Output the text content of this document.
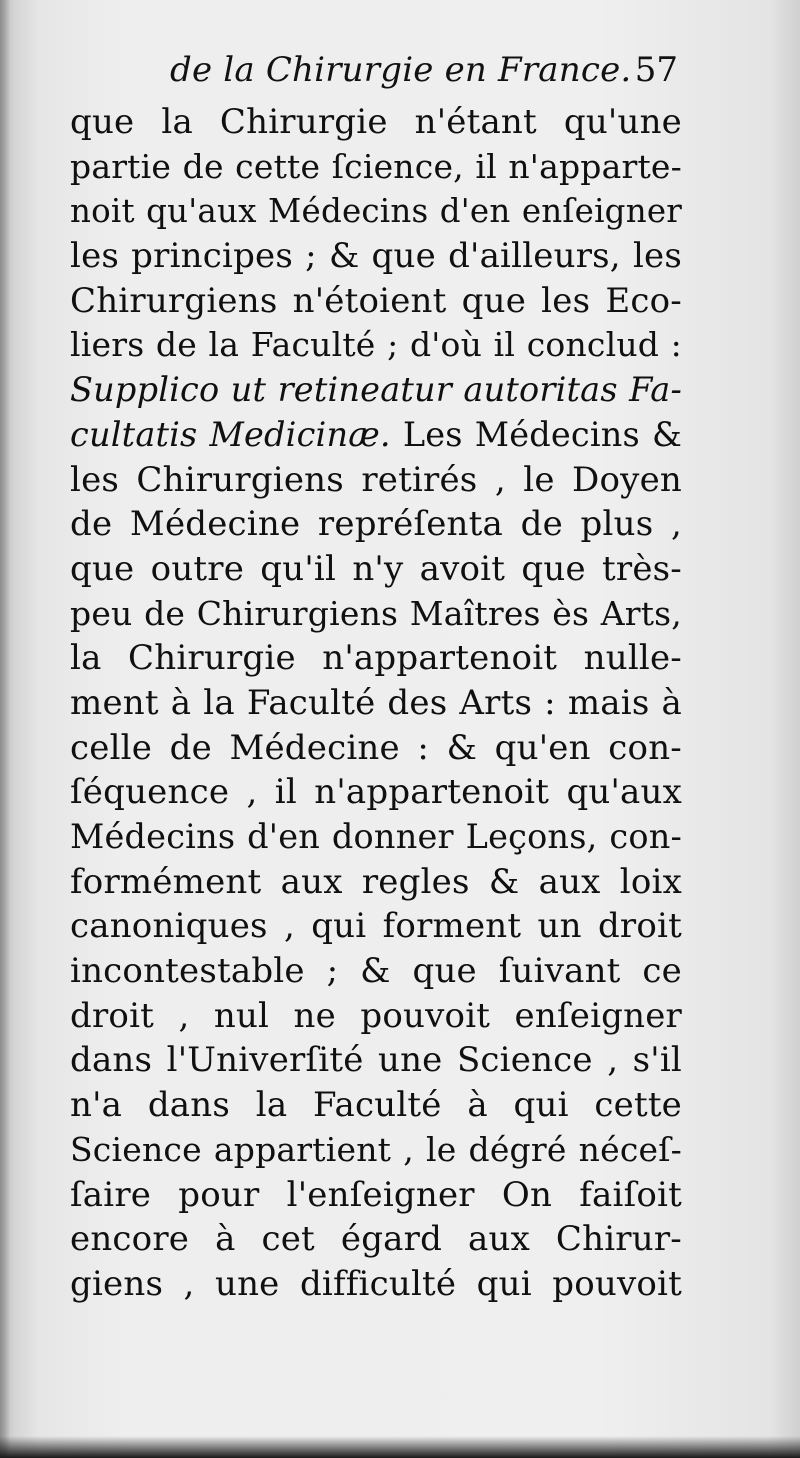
de la Chirurgie en France. 57
que la Chirurgie n'étant qu'une
partie de cette ſcience, il n'apparte-
noit qu'aux Médecins d'en enſeigner
les principes ; & que d'ailleurs, les
Chirurgiens n'étoient que les Eco-
liers de la Faculté ; d'où il conclud :
Supplico ut retineatur autoritas Fa-
cultatis Medicinæ. Les Médecins &
les Chirurgiens retirés , le Doyen
de Médecine repréſenta de plus ,
que outre qu'il n'y avoit que très-
peu de Chirurgiens Maîtres ès Arts,
la Chirurgie n'appartenoit nulle-
ment à la Faculté des Arts : mais à
celle de Médecine : & qu'en con-
ſéquence , il n'appartenoit qu'aux
Médecins d'en donner Leçons, con-
formément aux regles & aux loix
canoniques , qui forment un droit
incontestable ; & que ſuivant ce
droit , nul ne pouvoit enſeigner
dans l'Univerſité une Science , s'il
n'a dans la Faculté à qui cette
Science appartient , le dégré néceſ-
ſaire pour l'enſeigner On faiſoit
encore à cet égard aux Chirur-
giens , une difficulté qui pouvoit
